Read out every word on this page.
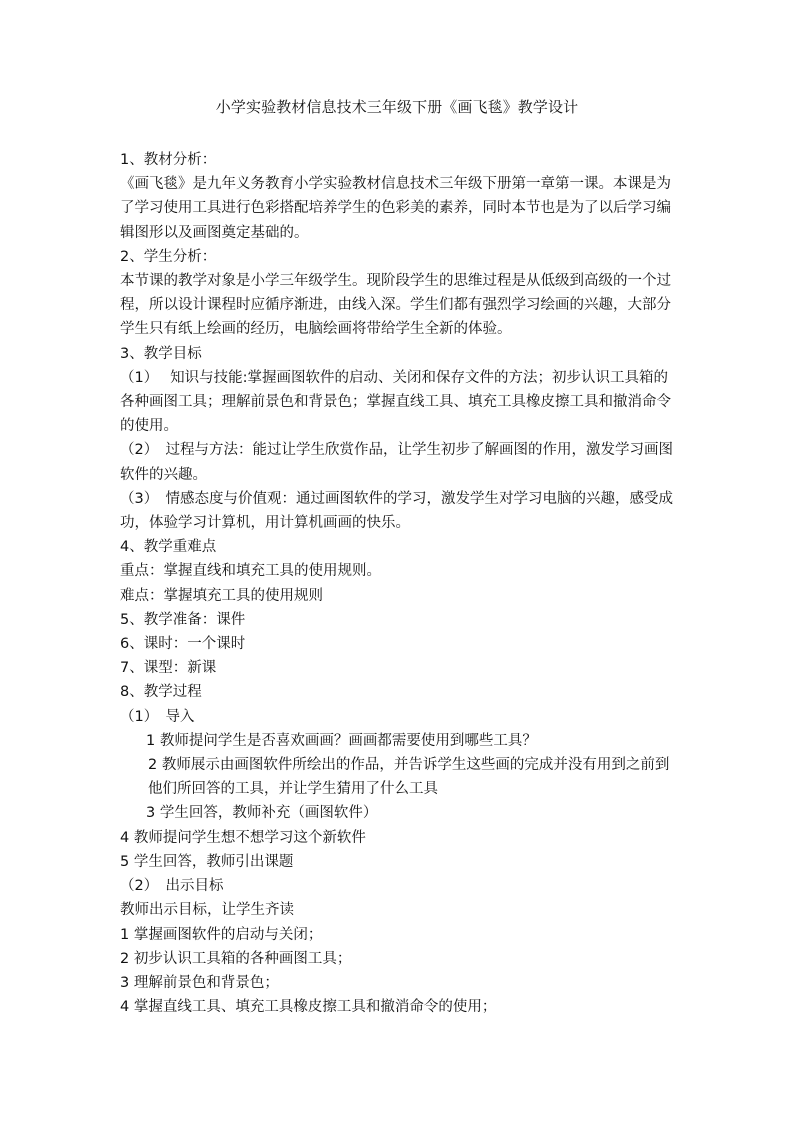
小学实验教材信息技术三年级下册《画飞毯》教学设计

1、教材分析：

《画飞毯》是九年义务教育小学实验教材信息技术三年级下册第一章第一课。本课是为了学习使用工具进行色彩搭配培养学生的色彩美的素养，同时本节也是为了以后学习编辑图形以及画图奠定基础的。

2、学生分析：

本节课的教学对象是小学三年级学生。现阶段学生的思维过程是从低级到高级的一个过程，所以设计课程时应循序渐进，由线入深。学生们都有强烈学习绘画的兴趣，大部分学生只有纸上绘画的经历，电脑绘画将带给学生全新的体验。

3、教学目标

（1）　 知识与技能:掌握画图软件的启动、关闭和保存文件的方法；初步认识工具箱的各种画图工具；理解前景色和背景色；掌握直线工具、填充工具橡皮擦工具和撤消命令的使用。

（2）　过程与方法：能过让学生欣赏作品，让学生初步了解画图的作用，激发学习画图软件的兴趣。

（3）　情感态度与价值观：通过画图软件的学习，激发学生对学习电脑的兴趣，感受成功，体验学习计算机，用计算机画画的快乐。

4、教学重难点

重点：掌握直线和填充工具的使用规则。

难点：掌握填充工具的使用规则

5、教学准备：课件

6、课时：一个课时

7、课型：新课

8、教学过程

（1）　导入

1 教师提问学生是否喜欢画画？画画都需要使用到哪些工具？

2 教师展示由画图软件所绘出的作品，并告诉学生这些画的完成并没有用到之前到他们所回答的工具，并让学生猜用了什么工具

3 学生回答，教师补充（画图软件）

4 教师提问学生想不想学习这个新软件

5 学生回答，教师引出课题

（2）　出示目标

教师出示目标，让学生齐读

1 掌握画图软件的启动与关闭；

2 初步认识工具箱的各种画图工具；

3 理解前景色和背景色；

4 掌握直线工具、填充工具橡皮擦工具和撤消命令的使用；
